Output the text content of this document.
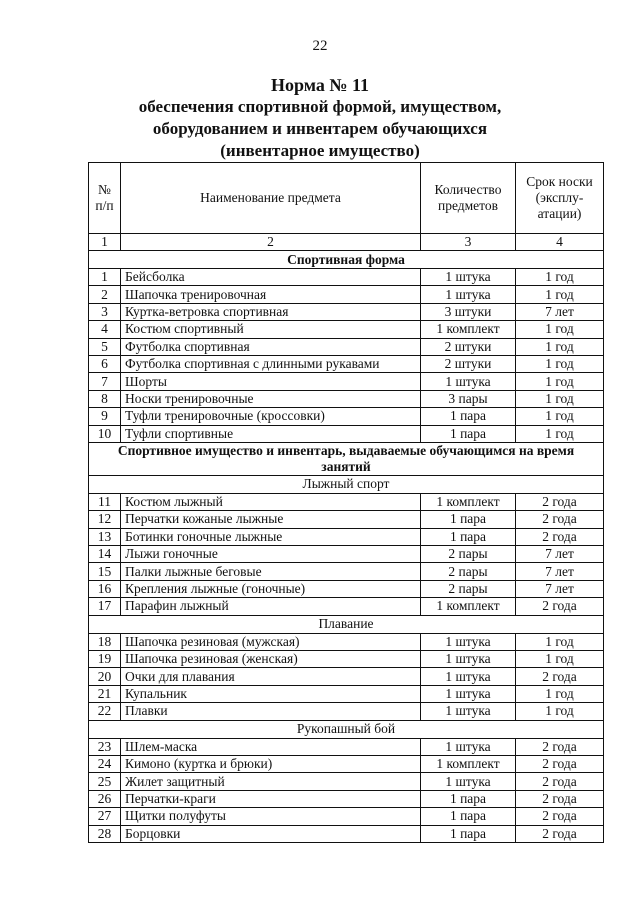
22
Норма № 11
обеспечения спортивной формой, имуществом,
оборудованием и инвентарем обучающихся
(инвентарное имущество)
№ п/п	Наименование предмета	Количество предметов	Срок носки (эксплу-атации)
1	2	3	4
Спортивная форма			
1	Бейсболка	1 штука	1 год
2	Шапочка тренировочная	1 штука	1 год
3	Куртка-ветровка спортивная	3 штуки	7 лет
4	Костюм спортивный	1 комплект	1 год
5	Футболка спортивная	2 штуки	1 год
6	Футболка спортивная с длинными рукавами	2 штуки	1 год
7	Шорты	1 штука	1 год
8	Носки тренировочные	3 пары	1 год
9	Туфли тренировочные (кроссовки)	1 пара	1 год
10	Туфли спортивные	1 пара	1 год
Спортивное имущество и инвентарь, выдаваемые обучающимся на время занятий			
Лыжный спорт			
11	Костюм лыжный	1 комплект	2 года
12	Перчатки кожаные лыжные	1 пара	2 года
13	Ботинки гоночные лыжные	1 пара	2 года
14	Лыжи гоночные	2 пары	7 лет
15	Палки лыжные беговые	2 пары	7 лет
16	Крепления лыжные (гоночные)	2 пары	7 лет
17	Парафин лыжный	1 комплект	2 года
Плавание			
18	Шапочка резиновая (мужская)	1 штука	1 год
19	Шапочка резиновая (женская)	1 штука	1 год
20	Очки для плавания	1 штука	2 года
21	Купальник	1 штука	1 год
22	Плавки	1 штука	1 год
Рукопашный бой			
23	Шлем-маска	1 штука	2 года
24	Кимоно (куртка и брюки)	1 комплект	2 года
25	Жилет защитный	1 штука	2 года
26	Перчатки-краги	1 пара	2 года
27	Щитки полуфуты	1 пара	2 года
28	Борцовки	1 пара	2 года
